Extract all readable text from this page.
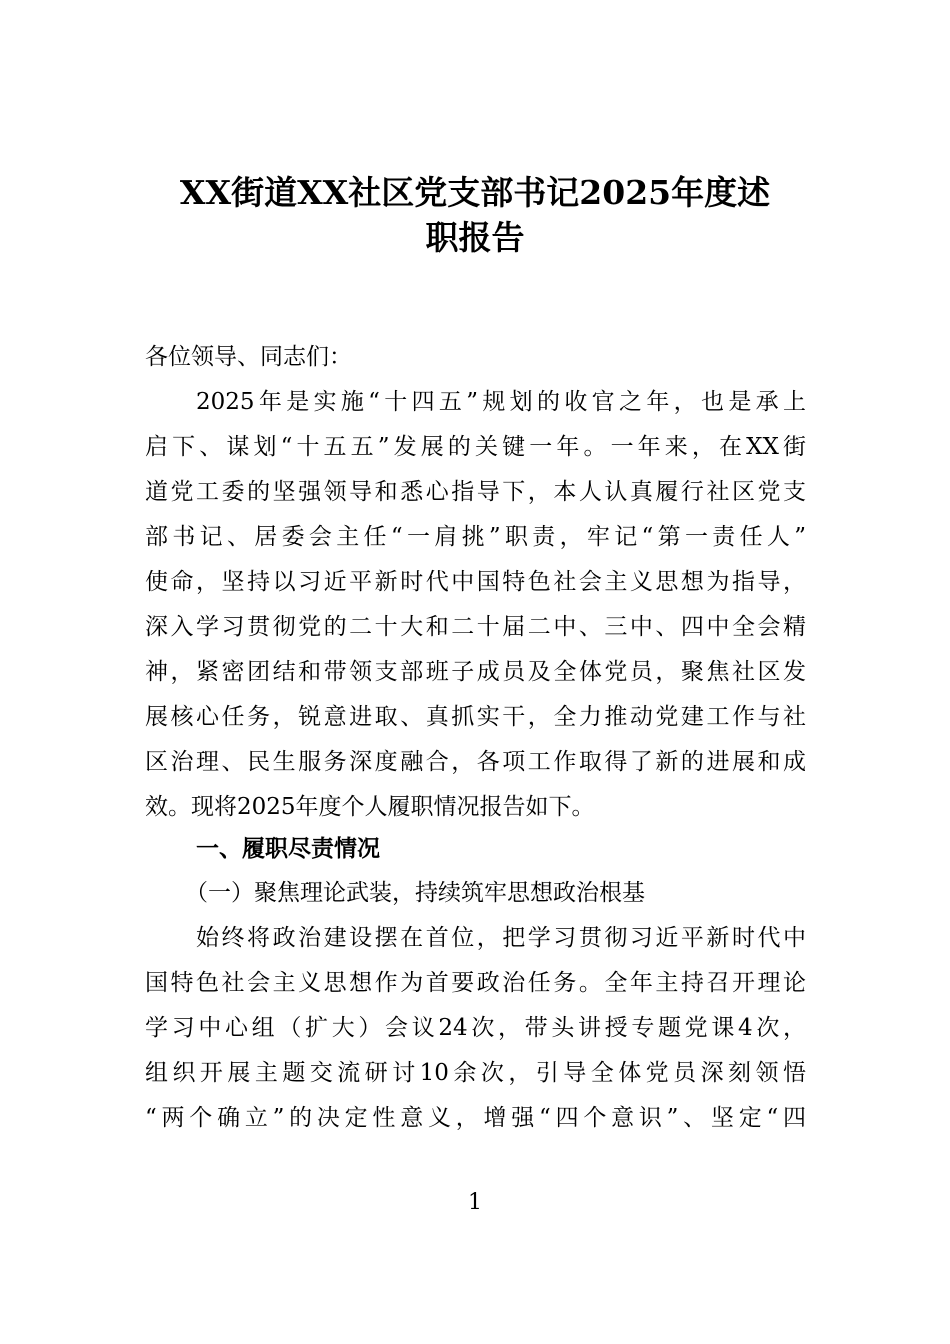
XX街道XX社区党支部书记2025年度述
职报告
各位领导、同志们：
2025年是实施“十四五”规划的收官之年，也是承上
启下、谋划“十五五”发展的关键一年。一年来，在XX街
道党工委的坚强领导和悉心指导下，本人认真履行社区党支
部书记、居委会主任“一肩挑”职责，牢记“第一责任人”
使命，坚持以习近平新时代中国特色社会主义思想为指导，
深入学习贯彻党的二十大和二十届二中、三中、四中全会精
神，紧密团结和带领支部班子成员及全体党员，聚焦社区发
展核心任务，锐意进取、真抓实干，全力推动党建工作与社
区治理、民生服务深度融合，各项工作取得了新的进展和成
效。现将2025年度个人履职情况报告如下。
一、履职尽责情况
（一）聚焦理论武装，持续筑牢思想政治根基
始终将政治建设摆在首位，把学习贯彻习近平新时代中
国特色社会主义思想作为首要政治任务。全年主持召开理论
学习中心组（扩大）会议24次，带头讲授专题党课4次，
组织开展主题交流研讨10余次，引导全体党员深刻领悟
“两个确立”的决定性意义，增强“四个意识”、坚定“四
1
